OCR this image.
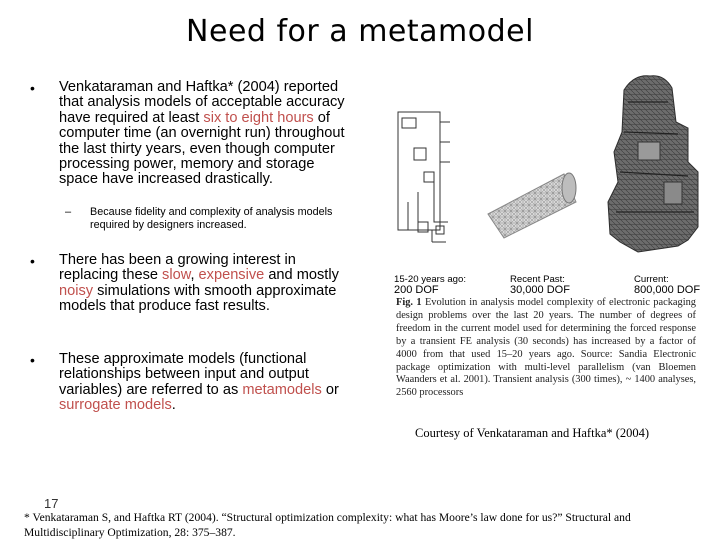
Need for a metamodel
• Venkataraman and Haftka* (2004) reported that analysis models of acceptable accuracy have required at least six to eight hours of computer time (an overnight run) throughout the last thirty years, even though computer processing power, memory and storage space have increased drastically.
– Because fidelity and complexity of analysis models required by designers increased.
• There has been a growing interest in replacing these slow, expensive and mostly noisy simulations with smooth approximate models that produce fast results.
• These approximate models (functional relationships between input and output variables) are referred to as metamodels or surrogate models.
15-20 years ago:
200 DOF
Recent Past:
30,000 DOF
Current:
800,000 DOF
Fig. 1 Evolution in analysis model complexity of electronic packaging design problems over the last 20 years. The number of degrees of freedom in the current model used for determining the forced response by a transient FE analysis (30 seconds) has increased by a factor of 4000 from that used 15–20 years ago. Source: Sandia Electronic package optimization with multi-level parallelism (van Bloemen Waanders et al. 2001). Transient analysis (300 times), ~ 1400 analyses, 2560 processors
Courtesy of Venkataraman and Haftka* (2004)
17
* Venkataraman S, and Haftka RT (2004). “Structural optimization complexity: what has Moore’s law done for us?” Structural and Multidisciplinary Optimization, 28: 375–387.
